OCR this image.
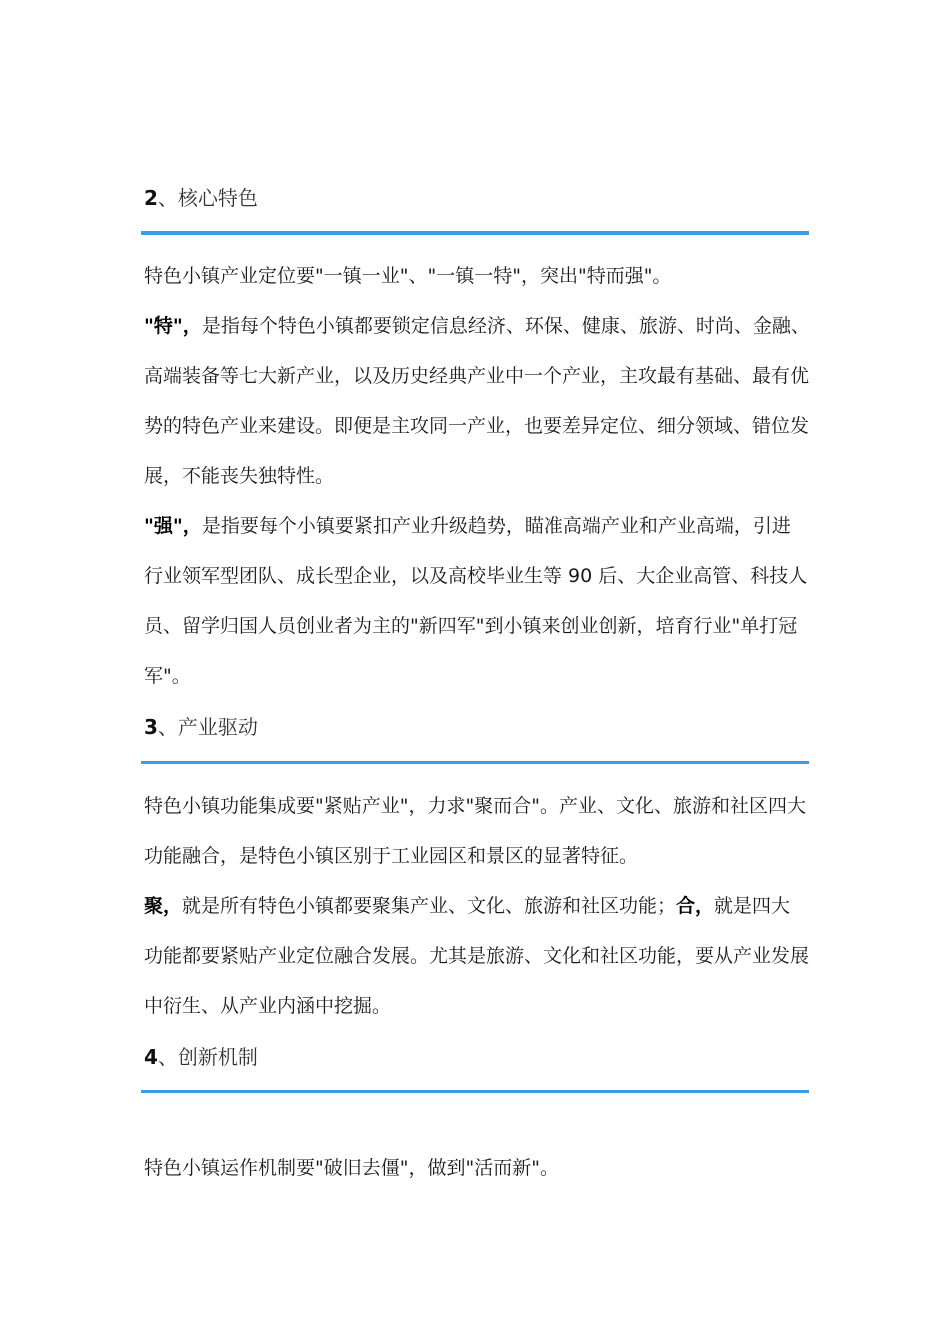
2、核心特色
特色小镇产业定位要"一镇一业"、"一镇一特"，突出"特而强"。
"特"，是指每个特色小镇都要锁定信息经济、环保、健康、旅游、时尚、金融、
高端装备等七大新产业，以及历史经典产业中一个产业，主攻最有基础、最有优
势的特色产业来建设。即便是主攻同一产业，也要差异定位、细分领域、错位发
展，不能丧失独特性。
"强"，是指要每个小镇要紧扣产业升级趋势，瞄准高端产业和产业高端，引进
行业领军型团队、成长型企业，以及高校毕业生等 90 后、大企业高管、科技人
员、留学归国人员创业者为主的"新四军"到小镇来创业创新，培育行业"单打冠
军"。
3、产业驱动
特色小镇功能集成要"紧贴产业"，力求"聚而合"。产业、文化、旅游和社区四大
功能融合，是特色小镇区别于工业园区和景区的显著特征。
聚，就是所有特色小镇都要聚集产业、文化、旅游和社区功能；合，就是四大
功能都要紧贴产业定位融合发展。尤其是旅游、文化和社区功能，要从产业发展
中衍生、从产业内涵中挖掘。
4、创新机制
特色小镇运作机制要"破旧去僵"，做到"活而新"。
